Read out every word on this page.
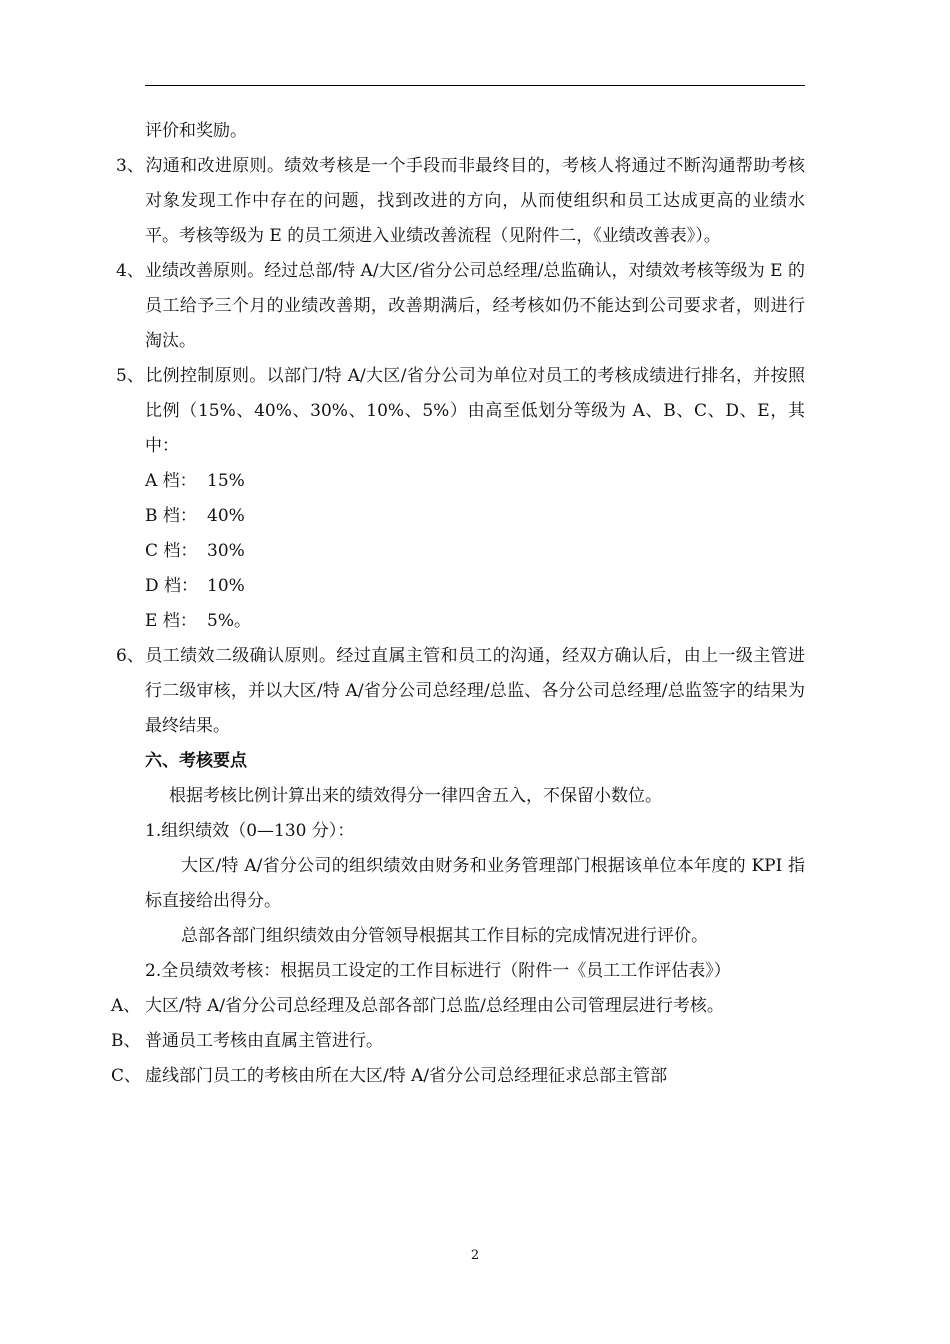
评价和奖励。

3、沟通和改进原则。绩效考核是一个手段而非最终目的，考核人将通过不断沟通帮助考核对象发现工作中存在的问题，找到改进的方向，从而使组织和员工达成更高的业绩水平。考核等级为 E 的员工须进入业绩改善流程（见附件二，《业绩改善表》）。

4、业绩改善原则。经过总部/特 A/大区/省分公司总经理/总监确认，对绩效考核等级为 E 的员工给予三个月的业绩改善期，改善期满后，经考核如仍不能达到公司要求者，则进行淘汰。

5、比例控制原则。以部门/特 A/大区/省分公司为单位对员工的考核成绩进行排名，并按照比例（15%、40%、30%、10%、5%）由高至低划分等级为 A、B、C、D、E，其中：

A 档： 15%

B 档： 40%

C 档： 30%

D 档： 10%

E 档： 5%。

6、员工绩效二级确认原则。经过直属主管和员工的沟通，经双方确认后，由上一级主管进行二级审核，并以大区/特 A/省分公司总经理/总监、各分公司总经理/总监签字的结果为最终结果。

六、考核要点

根据考核比例计算出来的绩效得分一律四舍五入，不保留小数位。

1.组织绩效（0—130 分）：

大区/特 A/省分公司的组织绩效由财务和业务管理部门根据该单位本年度的 KPI 指标直接给出得分。

总部各部门组织绩效由分管领导根据其工作目标的完成情况进行评价。

2.全员绩效考核：根据员工设定的工作目标进行（附件一《员工工作评估表》）

A、 大区/特 A/省分公司总经理及总部各部门总监/总经理由公司管理层进行考核。

B、 普通员工考核由直属主管进行。

C、 虚线部门员工的考核由所在大区/特 A/省分公司总经理征求总部主管部

2
